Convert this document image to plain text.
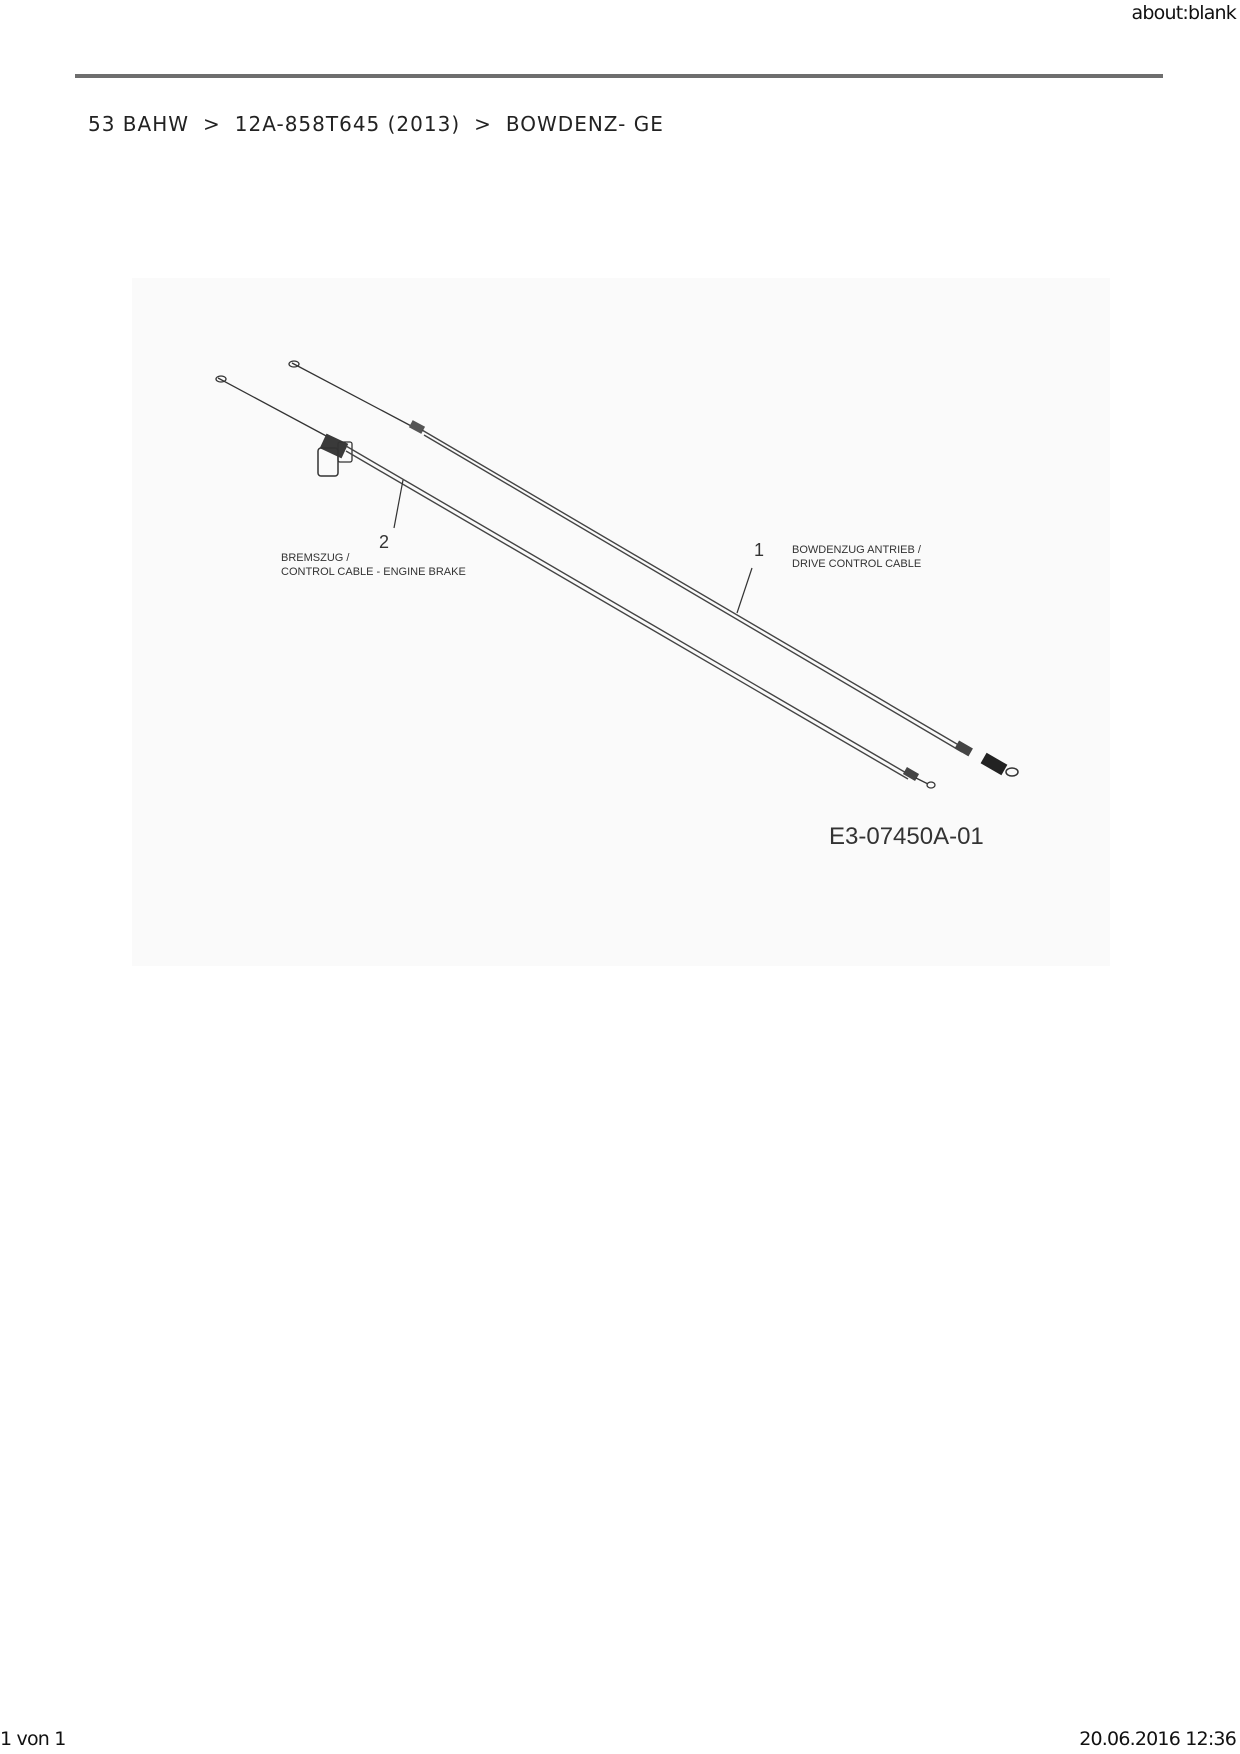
about:blank
53 BAHW > 12A-858T645 (2013) > BOWDENZ- GE
1	BOWDENZUG ANTRIEB /
DRIVE CONTROL CABLE
2
BREMSZUG /
CONTROL CABLE - ENGINE BRAKE
E3-07450A-01
1 von 1	20.06.2016 12:36
